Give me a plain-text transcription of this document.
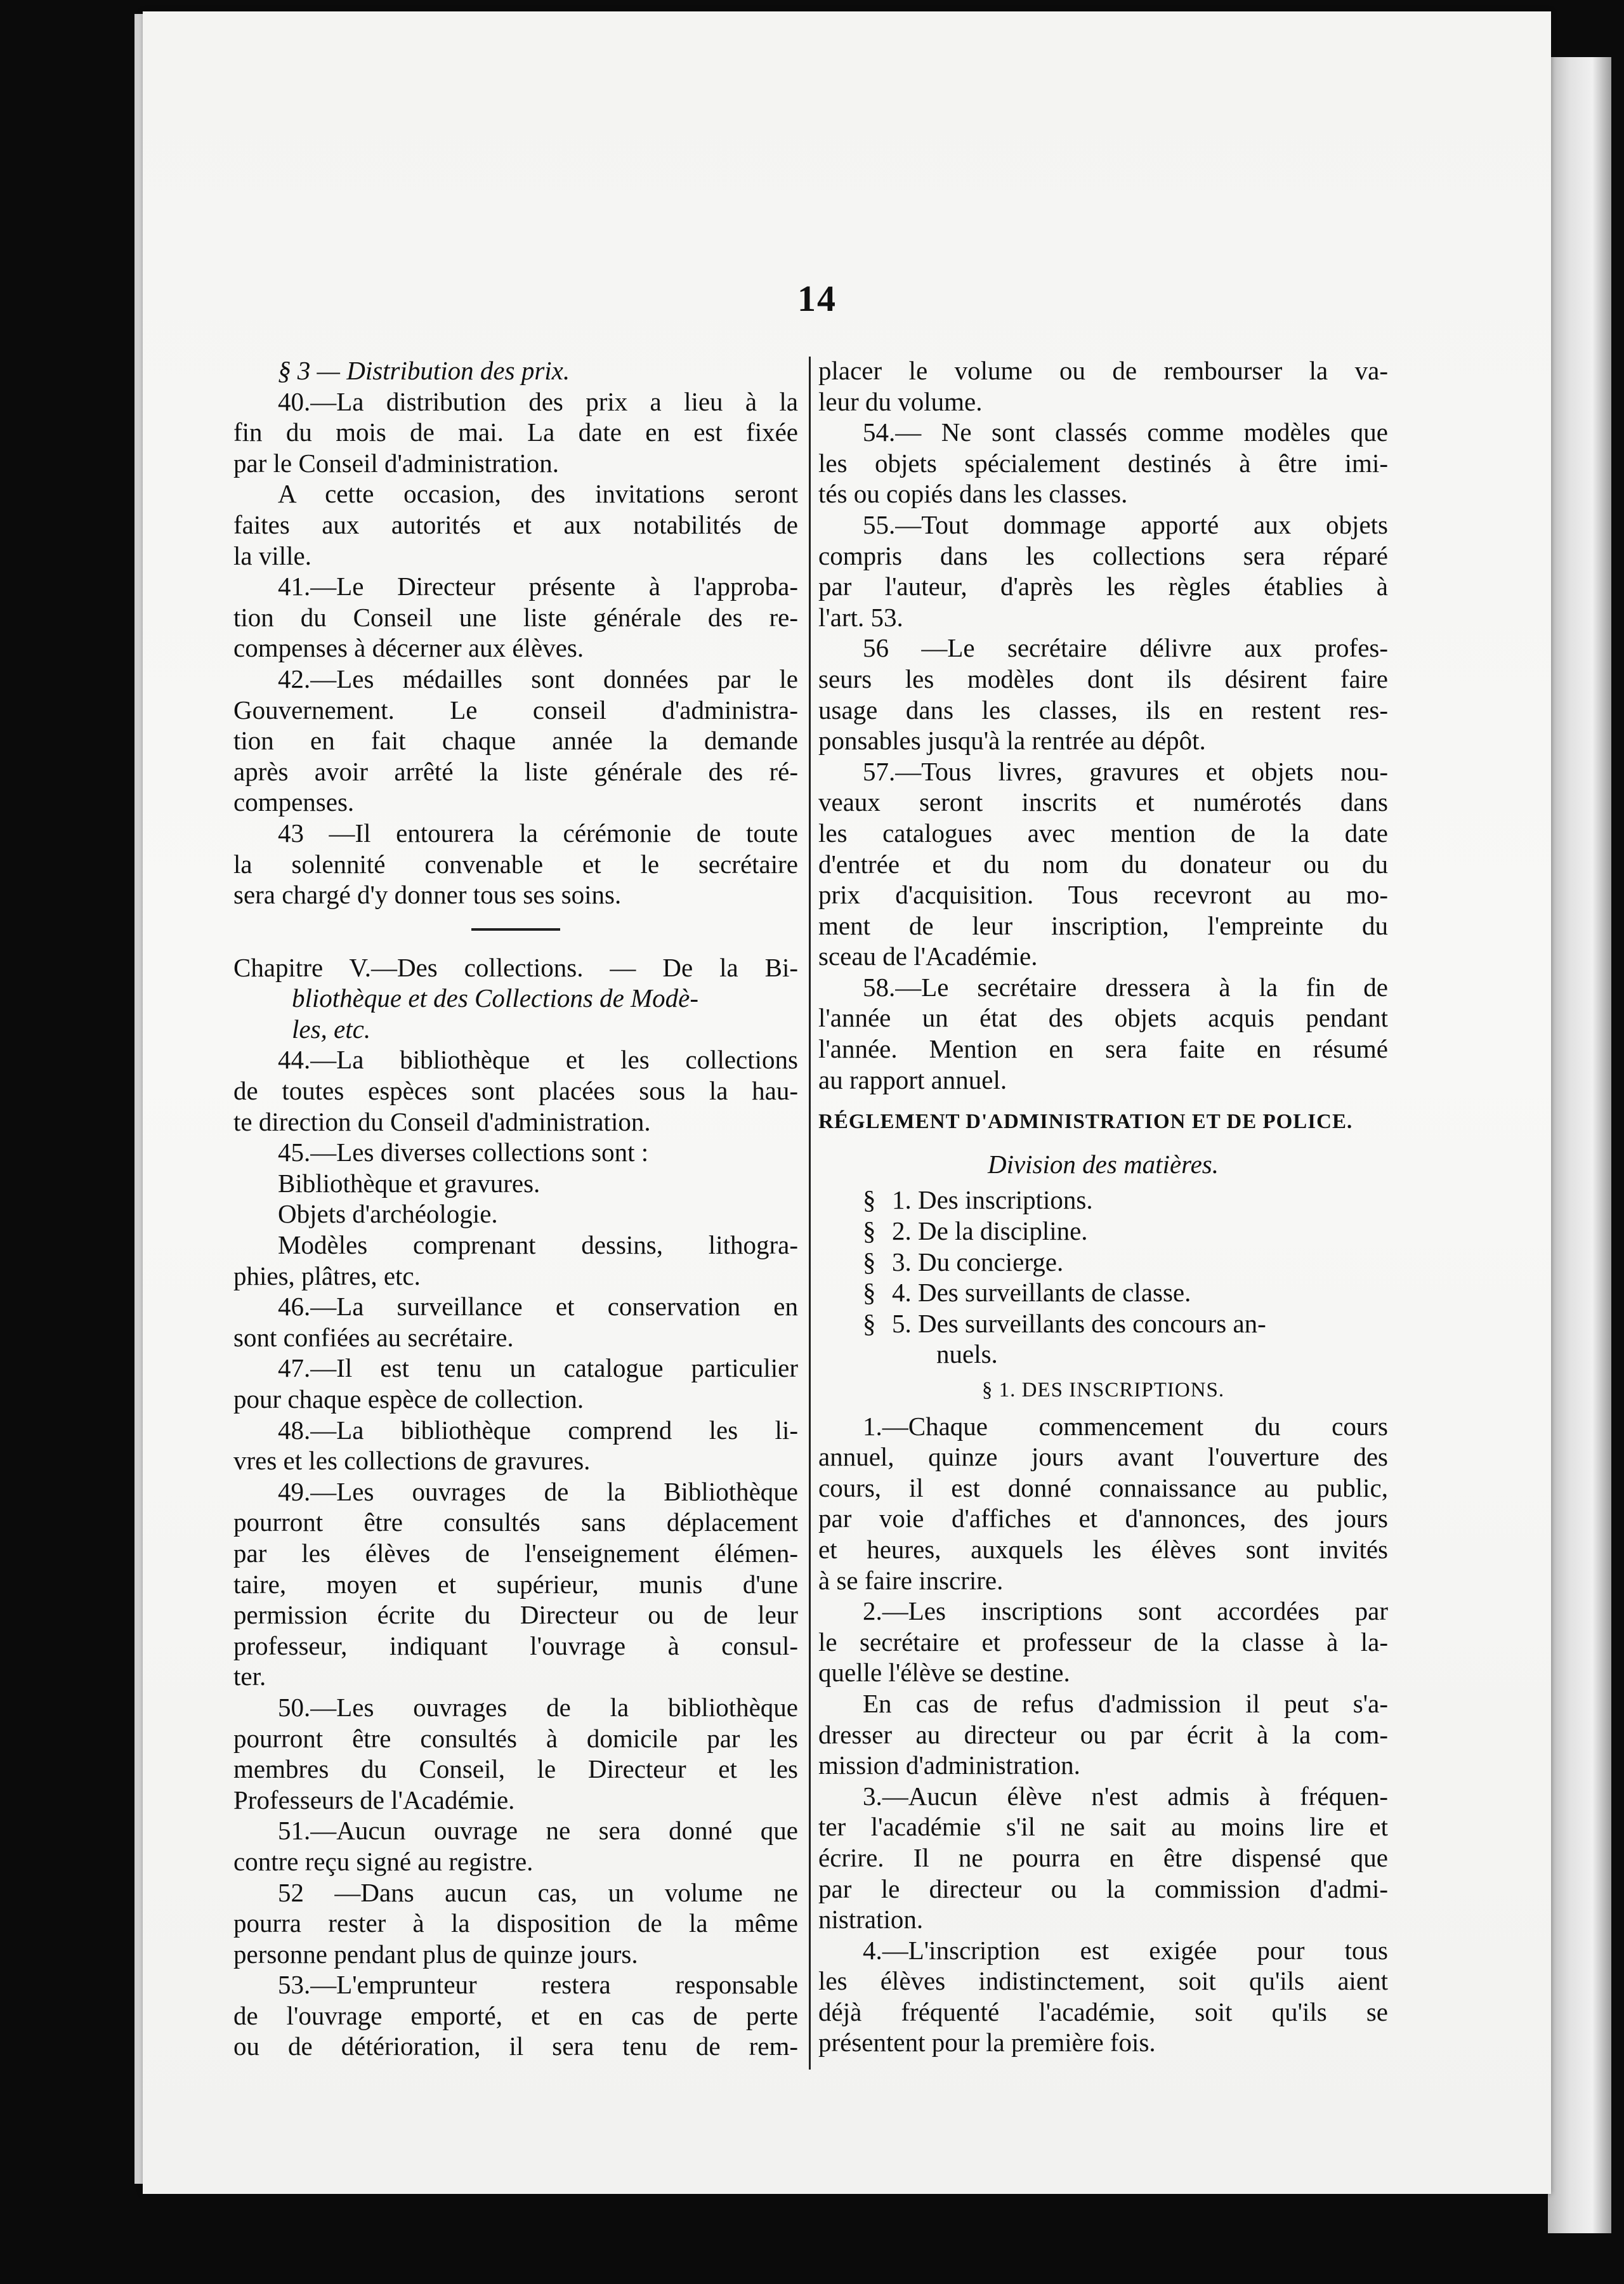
14
§ 3 — Distribution des prix.
40.—La distribution des prix a lieu à la
fin du mois de mai. La date en est fixée
par le Conseil d'administration.
A cette occasion, des invitations seront
faites aux autorités et aux notabilités de
la ville.
41.—Le Directeur présente à l'approba-
tion du Conseil une liste générale des re-
compenses à décerner aux élèves.
42.—Les médailles sont données par le
Gouvernement. Le conseil d'administra-
tion en fait chaque année la demande
après avoir arrêté la liste générale des ré-
compenses.
43 —Il entourera la cérémonie de toute
la solennité convenable et le secrétaire
sera chargé d'y donner tous ses soins.
Chapitre V.—Des collections. — De la Bi-
bliothèque et des Collections de Modè-
les, etc.
44.—La bibliothèque et les collections
de toutes espèces sont placées sous la hau-
te direction du Conseil d'administration.
45.—Les diverses collections sont :
Bibliothèque et gravures.
Objets d'archéologie.
Modèles comprenant dessins, lithogra-
phies, plâtres, etc.
46.—La surveillance et conservation en
sont confiées au secrétaire.
47.—Il est tenu un catalogue particulier
pour chaque espèce de collection.
48.—La bibliothèque comprend les li-
vres et les collections de gravures.
49.—Les ouvrages de la Bibliothèque
pourront être consultés sans déplacement
par les élèves de l'enseignement élémen-
taire, moyen et supérieur, munis d'une
permission écrite du Directeur ou de leur
professeur, indiquant l'ouvrage à consul-
ter.
50.—Les ouvrages de la bibliothèque
pourront être consultés à domicile par les
membres du Conseil, le Directeur et les
Professeurs de l'Académie.
51.—Aucun ouvrage ne sera donné que
contre reçu signé au registre.
52 —Dans aucun cas, un volume ne
pourra rester à la disposition de la même
personne pendant plus de quinze jours.
53.—L'emprunteur restera responsable
de l'ouvrage emporté, et en cas de perte
ou de détérioration, il sera tenu de rem-
placer le volume ou de rembourser la va-
leur du volume.
54.— Ne sont classés comme modèles que
les objets spécialement destinés à être imi-
tés ou copiés dans les classes.
55.—Tout dommage apporté aux objets
compris dans les collections sera réparé
par l'auteur, d'après les règles établies à
l'art. 53.
56 —Le secrétaire délivre aux profes-
seurs les modèles dont ils désirent faire
usage dans les classes, ils en restent res-
ponsables jusqu'à la rentrée au dépôt.
57.—Tous livres, gravures et objets nou-
veaux seront inscrits et numérotés dans
les catalogues avec mention de la date
d'entrée et du nom du donateur ou du
prix d'acquisition. Tous recevront au mo-
ment de leur inscription, l'empreinte du
sceau de l'Académie.
58.—Le secrétaire dressera à la fin de
l'année un état des objets acquis pendant
l'année. Mention en sera faite en résumé
au rapport annuel.
RÉGLEMENT D'ADMINISTRATION ET DE POLICE.
Division des matières.
§ 1. Des inscriptions.
§ 2. De la discipline.
§ 3. Du concierge.
§ 4. Des surveillants de classe.
§ 5. Des surveillants des concours an-
nuels.
§ 1. DES INSCRIPTIONS.
1.—Chaque commencement du cours
annuel, quinze jours avant l'ouverture des
cours, il est donné connaissance au public,
par voie d'affiches et d'annonces, des jours
et heures, auxquels les élèves sont invités
à se faire inscrire.
2.—Les inscriptions sont accordées par
le secrétaire et professeur de la classe à la-
quelle l'élève se destine.
En cas de refus d'admission il peut s'a-
dresser au directeur ou par écrit à la com-
mission d'administration.
3.—Aucun élève n'est admis à fréquen-
ter l'académie s'il ne sait au moins lire et
écrire. Il ne pourra en être dispensé que
par le directeur ou la commission d'admi-
nistration.
4.—L'inscription est exigée pour tous
les élèves indistinctement, soit qu'ils aient
déjà fréquenté l'académie, soit qu'ils se
présentent pour la première fois.
